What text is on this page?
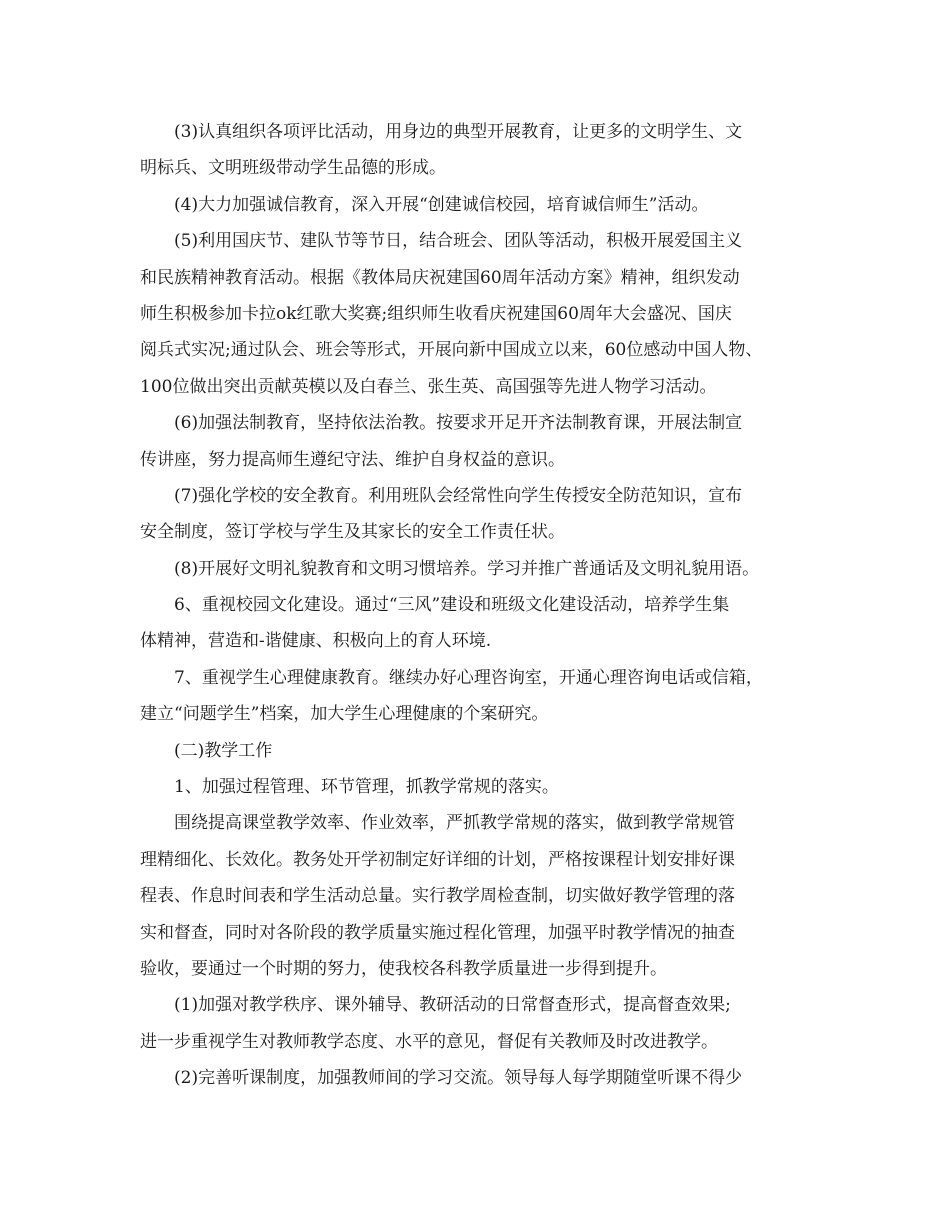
(3)认真组织各项评比活动，用身边的典型开展教育，让更多的文明学生、文
明标兵、文明班级带动学生品德的形成。
(4)大力加强诚信教育，深入开展“创建诚信校园，培育诚信师生”活动。
(5)利用国庆节、建队节等节日，结合班会、团队等活动，积极开展爱国主义
和民族精神教育活动。根据《教体局庆祝建国60周年活动方案》精神，组织发动
师生积极参加卡拉ok红歌大奖赛;组织师生收看庆祝建国60周年大会盛况、国庆
阅兵式实况;通过队会、班会等形式，开展向新中国成立以来，60位感动中国人物、
100位做出突出贡献英模以及白春兰、张生英、高国强等先进人物学习活动。
(6)加强法制教育，坚持依法治教。按要求开足开齐法制教育课，开展法制宣
传讲座，努力提高师生遵纪守法、维护自身权益的意识。
(7)强化学校的安全教育。利用班队会经常性向学生传授安全防范知识，宣布
安全制度，签订学校与学生及其家长的安全工作责任状。
(8)开展好文明礼貌教育和文明习惯培养。学习并推广普通话及文明礼貌用语。
6、重视校园文化建设。通过“三风”建设和班级文化建设活动，培养学生集
体精神，营造和-谐健康、积极向上的育人环境.
7、重视学生心理健康教育。继续办好心理咨询室，开通心理咨询电话或信箱，
建立“问题学生”档案，加大学生心理健康的个案研究。
(二)教学工作
1、加强过程管理、环节管理，抓教学常规的落实。
围绕提高课堂教学效率、作业效率，严抓教学常规的落实，做到教学常规管
理精细化、长效化。教务处开学初制定好详细的计划，严格按课程计划安排好课
程表、作息时间表和学生活动总量。实行教学周检查制，切实做好教学管理的落
实和督查，同时对各阶段的教学质量实施过程化管理，加强平时教学情况的抽查
验收，要通过一个时期的努力，使我校各科教学质量进一步得到提升。
(1)加强对教学秩序、课外辅导、教研活动的日常督查形式，提高督查效果;
进一步重视学生对教师教学态度、水平的意见，督促有关教师及时改进教学。
(2)完善听课制度，加强教师间的学习交流。领导每人每学期随堂听课不得少
